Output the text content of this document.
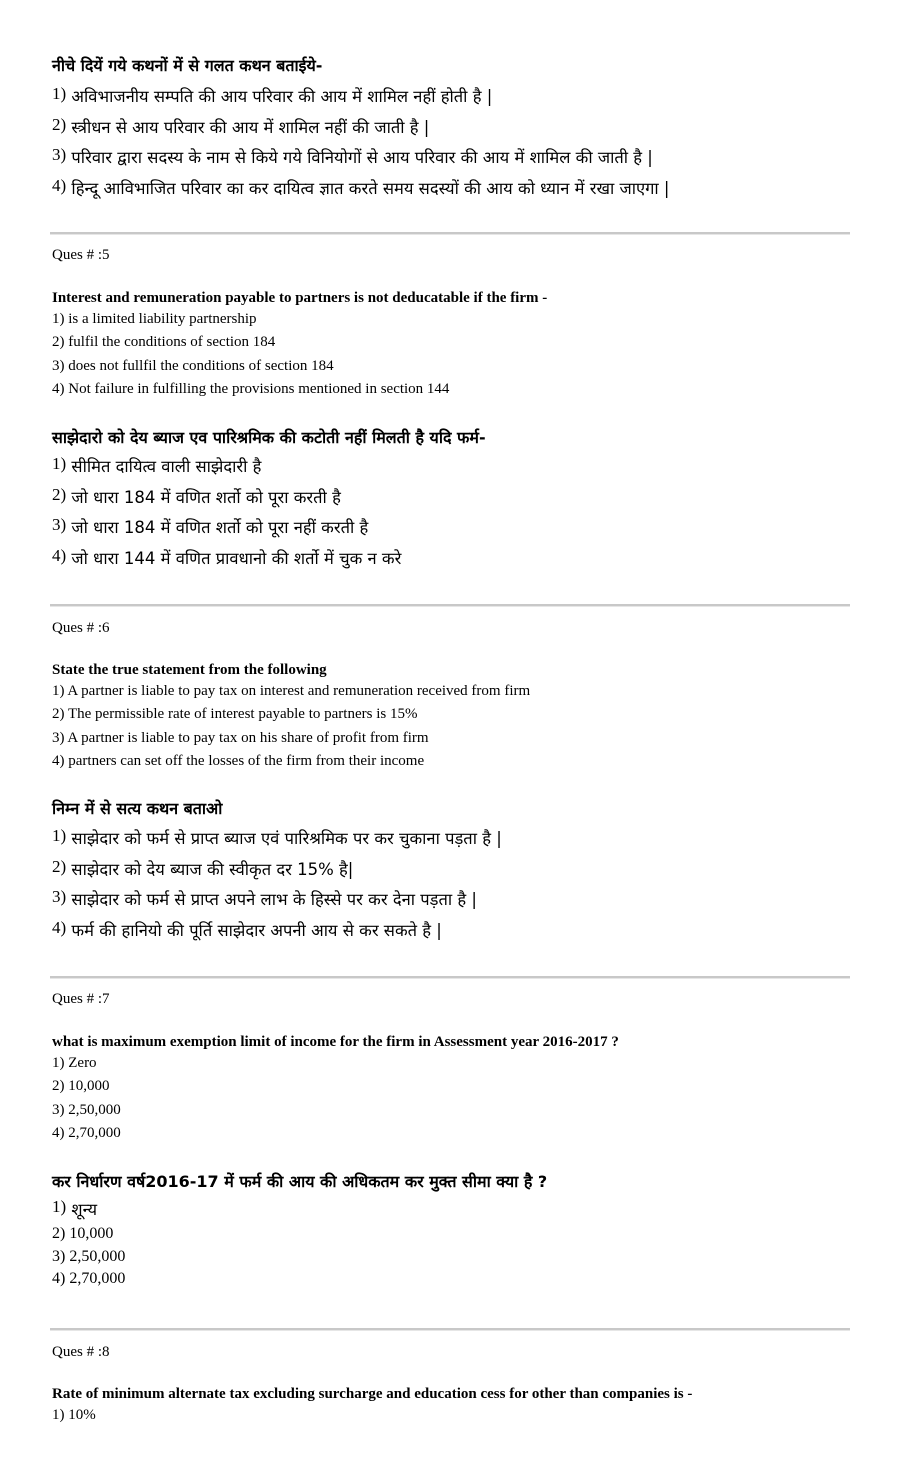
नीचे दियें गये कथनों में से गलत कथन बताईये-

1) अविभाजनीय सम्पति की आय परिवार की आय में शामिल नहीं होती है |

2) स्त्रीधन से आय परिवार की आय में शामिल नहीं की जाती है |

3) परिवार द्वारा सदस्य के नाम से किये गये विनियोगों से आय परिवार की आय में शामिल की जाती है |

4) हिन्दू आविभाजित परिवार का कर दायित्व ज्ञात करते समय सदस्यों की आय को ध्यान में रखा जाएगा |

Ques # :5

Interest and remuneration payable to partners is not deducatable if the firm -

1) is a limited liability partnership

2) fulfil the conditions of section 184

3) does not fullfil the conditions of section 184

4) Not failure in fulfilling the provisions mentioned in section 144

साझेदारो को देय ब्याज एव पारिश्रमिक की कटोती नहीं मिलती है यदि फर्म-

1) सीमित दायित्व वाली साझेदारी है

2) जो धारा 184 में वणित शर्तो को पूरा करती है

3) जो धारा 184 में वणित शर्तो को पूरा नहीं करती है

4) जो धारा 144 में वणित प्रावधानो की शर्तो में चुक न करे

Ques # :6

State the true statement from the following

1) A partner is liable to pay tax on interest and remuneration received from firm

2) The permissible rate of interest payable to partners is 15%

3) A partner is liable to pay tax on his share of profit from firm

4) partners can set off the losses of the firm from their income

निम्न में से सत्य कथन बताओ

1) साझेदार को फर्म से प्राप्त ब्याज एवं पारिश्रमिक पर कर चुकाना पड़ता है |

2) साझेदार को देय ब्याज की स्वीकृत दर 15% है|

3) साझेदार को फर्म से प्राप्त अपने लाभ के हिस्से पर कर देना पड़ता है |

4) फर्म की हानियो की पूर्ति साझेदार अपनी आय से कर सकते है |

Ques # :7

what is maximum exemption limit of income for the firm in Assessment year 2016-2017 ?

1) Zero

2) 10,000

3) 2,50,000

4) 2,70,000

कर निर्धारण वर्ष2016-17 में फर्म की आय की अधिकतम कर मुक्त सीमा क्या है ?

1) शून्य

2) 10,000

3) 2,50,000

4) 2,70,000

Ques # :8

Rate of minimum alternate tax excluding surcharge and education cess for other than companies is -

1) 10%
